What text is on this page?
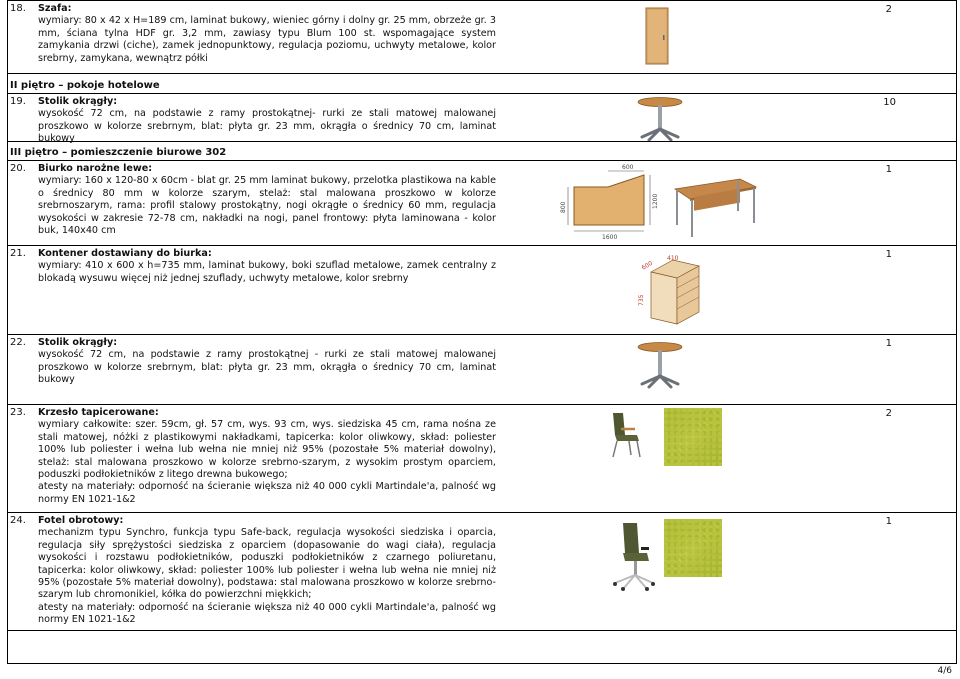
18. Szafa:
wymiary: 80 x 42 x H=189 cm, laminat bukowy, wieniec górny i dolny gr. 25 mm, obrzeże gr. 3 mm, ściana tylna HDF gr. 3,2 mm, zawiasy typu Blum 100 st. wspomagające system zamykania drzwi (ciche), zamek jednopunktowy, regulacja poziomu, uchwyty metalowe, kolor srebrny, zamykana, wewnątrz półki
2
II piętro – pokoje hotelowe
19. Stolik okrągły:
wysokość 72 cm, na podstawie z ramy prostokątnej- rurki ze stali matowej malowanej proszkowo w kolorze srebrnym, blat: płyta gr. 23 mm, okrągła o średnicy 70 cm, laminat bukowy
10
III piętro – pomieszczenie biurowe 302
20. Biurko narożne lewe:
wymiary: 160 x 120-80 x 60cm - blat gr. 25 mm laminat bukowy, przelotka plastikowa na kable o średnicy 80 mm w kolorze szarym, stelaż: stal malowana proszkowo w kolorze srebrnoszarym, rama: profil stalowy prostokątny, nogi okrągłe o średnicy 60 mm, regulacja wysokości w zakresie 72-78 cm, nakładki na nogi, panel frontowy: płyta laminowana - kolor buk, 140x40 cm
600
800	1200
1600
1
21. Kontener dostawiany do biurka:
wymiary: 410 x 600 x h=735 mm, laminat bukowy, boki szuflad metalowe, zamek centralny z blokadą wysuwu więcej niż jednej szuflady, uchwyty metalowe, kolor srebrny
410
600
735
1
22. Stolik okrągły:
wysokość 72 cm, na podstawie z ramy prostokątnej - rurki ze stali matowej malowanej proszkowo w kolorze srebrnym, blat: płyta gr. 23 mm, okrągła o średnicy 70 cm, laminat bukowy
1
23. Krzesło tapicerowane:
wymiary całkowite: szer. 59cm, gł. 57 cm, wys. 93 cm, wys. siedziska 45 cm, rama nośna ze stali matowej, nóżki z plastikowymi nakładkami, tapicerka: kolor oliwkowy, skład: poliester 100% lub poliester i wełna lub wełna nie mniej niż 95% (pozostałe 5% materiał dowolny), stelaż: stal malowana proszkowo w kolorze srebrno-szarym, z wysokim prostym oparciem, poduszki podłokietników z litego drewna bukowego;
atesty na materiały: odporność na ścieranie większa niż 40 000 cykli Martindale'a, palność wg normy EN 1021-1&2
2
24. Fotel obrotowy:
mechanizm typu Synchro, funkcja typu Safe-back, regulacja wysokości siedziska i oparcia, regulacja siły sprężystości siedziska z oparciem (dopasowanie do wagi ciała), regulacja wysokości i rozstawu podłokietników, poduszki podłokietników z czarnego poliuretanu, tapicerka: kolor oliwkowy, skład: poliester 100% lub poliester i wełna lub wełna nie mniej niż 95% (pozostałe 5% materiał dowolny), podstawa: stal malowana proszkowo w kolorze srebrno-szarym lub chromonikiel, kółka do powierzchni miękkich;
atesty na materiały: odporność na ścieranie większa niż 40 000 cykli Martindale'a, palność wg normy EN 1021-1&2
1
4/6
